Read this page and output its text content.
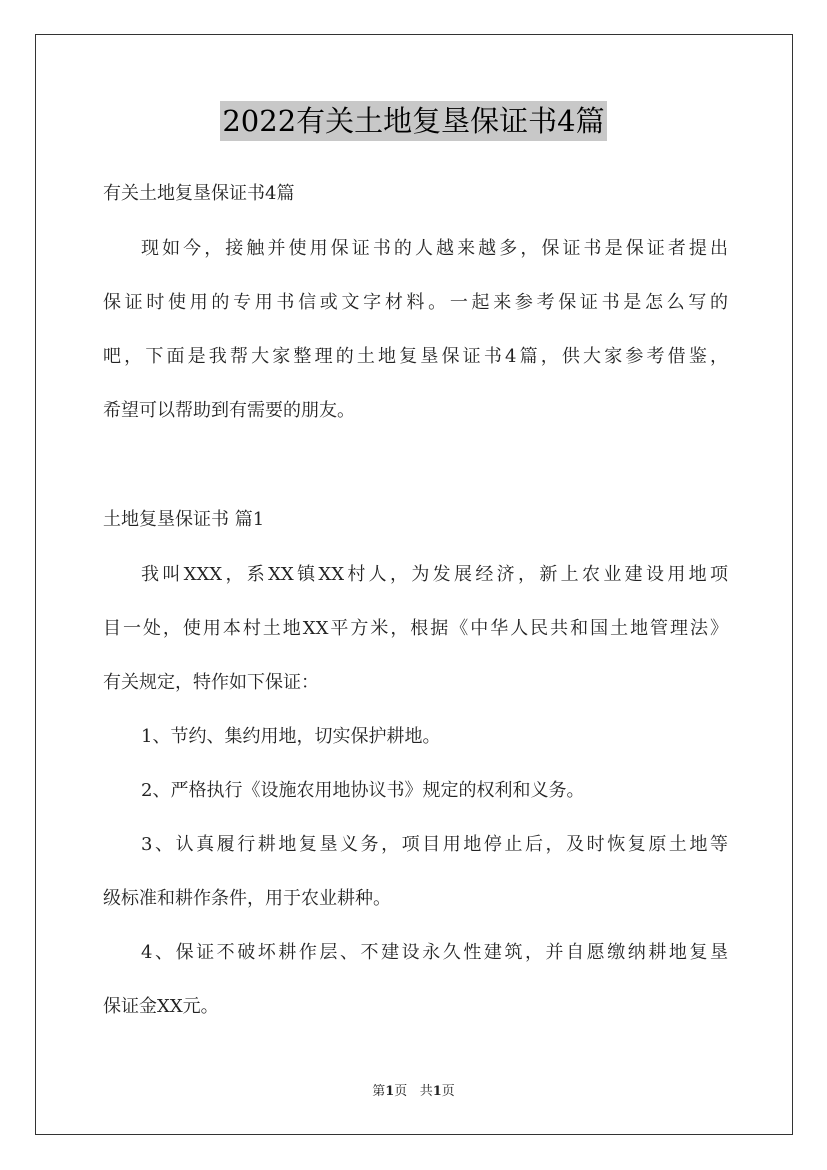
2022有关土地复垦保证书4篇
有关土地复垦保证书4篇
现如今，接触并使用保证书的人越来越多，保证书是保证者提出
保证时使用的专用书信或文字材料。一起来参考保证书是怎么写的
吧，下面是我帮大家整理的土地复垦保证书4篇，供大家参考借鉴，
希望可以帮助到有需要的朋友。
土地复垦保证书 篇1
我叫XXX，系XX镇XX村人，为发展经济，新上农业建设用地项
目一处，使用本村土地XX平方米，根据《中华人民共和国土地管理法》
有关规定，特作如下保证：
1、节约、集约用地，切实保护耕地。
2、严格执行《设施农用地协议书》规定的权利和义务。
3、认真履行耕地复垦义务，项目用地停止后，及时恢复原土地等
级标准和耕作条件，用于农业耕种。
4、保证不破坏耕作层、不建设永久性建筑，并自愿缴纳耕地复垦
保证金XX元。
第1页   共1页
